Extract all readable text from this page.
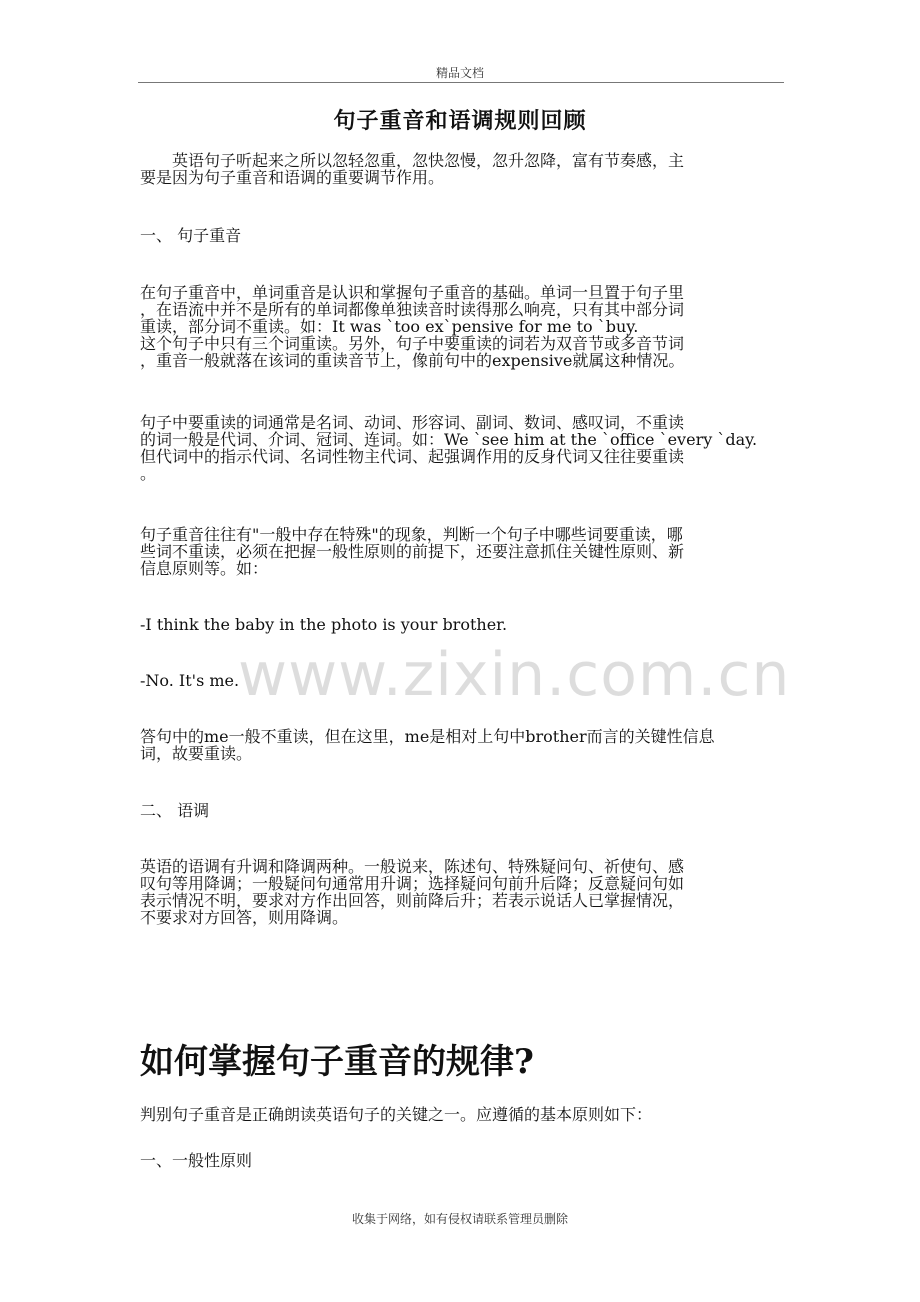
精品文档
句子重音和语调规则回顾
　　英语句子听起来之所以忽轻忽重，忽快忽慢，忽升忽降，富有节奏感，主
要是因为句子重音和语调的重要调节作用。
一、 句子重音
在句子重音中，单词重音是认识和掌握句子重音的基础。单词一旦置于句子里
，在语流中并不是所有的单词都像单独读音时读得那么响亮，只有其中部分词
重读，部分词不重读。如：It was `too ex`pensive for me to `buy.
这个句子中只有三个词重读。另外，句子中要重读的词若为双音节或多音节词
，重音一般就落在该词的重读音节上，像前句中的expensive就属这种情况。
句子中要重读的词通常是名词、动词、形容词、副词、数词、感叹词，不重读
的词一般是代词、介词、冠词、连词。如：We `see him at the `office `every `day.
但代词中的指示代词、名词性物主代词、起强调作用的反身代词又往往要重读
。
句子重音往往有"一般中存在特殊"的现象，判断一个句子中哪些词要重读，哪
些词不重读，必须在把握一般性原则的前提下，还要注意抓住关键性原则、新
信息原则等。如：
-I think the baby in the photo is your brother.
-No. It's me.
www.zixin.com.cn
答句中的me一般不重读，但在这里，me是相对上句中brother而言的关键性信息
词，故要重读。
二、 语调
英语的语调有升调和降调两种。一般说来，陈述句、特殊疑问句、祈使句、感
叹句等用降调；一般疑问句通常用升调；选择疑问句前升后降；反意疑问句如
表示情况不明，要求对方作出回答，则前降后升；若表示说话人已掌握情况，
不要求对方回答，则用降调。
如何掌握句子重音的规律?
判别句子重音是正确朗读英语句子的关键之一。应遵循的基本原则如下：
一、一般性原则
收集于网络，如有侵权请联系管理员删除
